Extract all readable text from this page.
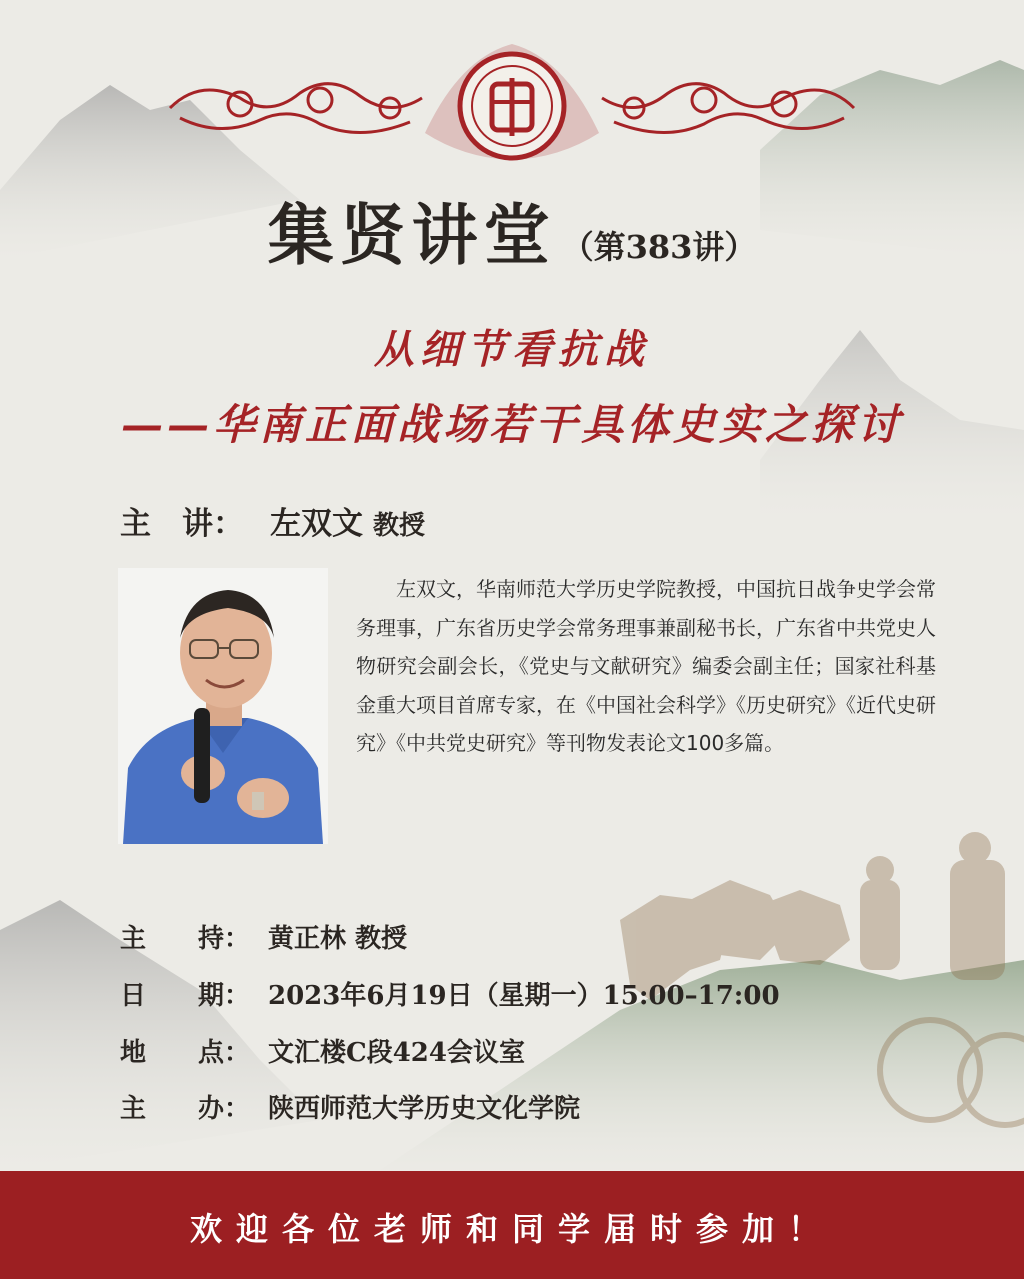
集贤讲堂 （第383讲）
从细节看抗战
——华南正面战场若干具体史实之探讨
主　讲： 左双文 教授
左双文，华南师范大学历史学院教授，中国抗日战争史学会常务理事，广东省历史学会常务理事兼副秘书长，广东省中共党史人物研究会副会长，《党史与文献研究》编委会副主任；国家社科基金重大项目首席专家，在《中国社会科学》《历史研究》《近代史研究》《中共党史研究》等刊物发表论文100多篇。
主　　持： 黄正林 教授
日　　期： 2023年6月19日（星期一）15:00–17:00
地　　点： 文汇楼C段424会议室
主　　办： 陕西师范大学历史文化学院
欢迎各位老师和同学届时参加！
